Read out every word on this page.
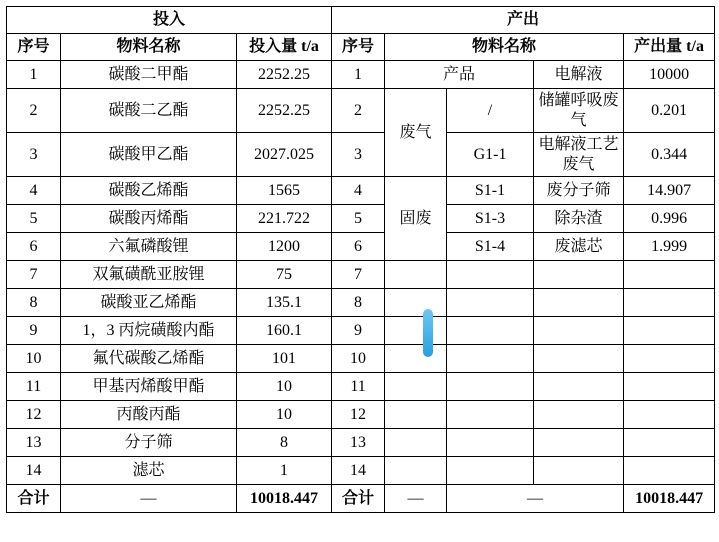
投入			产出				
序号	物料名称	投入量 t/a	序号	物料名称			产出量 t/a
1	碳酸二甲酯	2252.25	1	产品		电解液	10000
2	碳酸二乙酯	2252.25	2	废气	/	储罐呼吸废气	0.201
3	碳酸甲乙酯	2027.025	3		G1-1	电解液工艺废气	0.344
4	碳酸乙烯酯	1565	4	固废	S1-1	废分子筛	14.907
5	碳酸丙烯酯	221.722	5		S1-3	除杂渣	0.996
6	六氟磷酸锂	1200	6		S1-4	废滤芯	1.999
7	双氟磺酰亚胺锂	75	7				
8	碳酸亚乙烯酯	135.1	8				
9	1，3 丙烷磺酸内酯	160.1	9				
10	氟代碳酸乙烯酯	101	10				
11	甲基丙烯酸甲酯	10	11				
12	丙酸丙酯	10	12				
13	分子筛	8	13				
14	滤芯	1	14				
合计	—	10018.447	合计	—	—		10018.447
